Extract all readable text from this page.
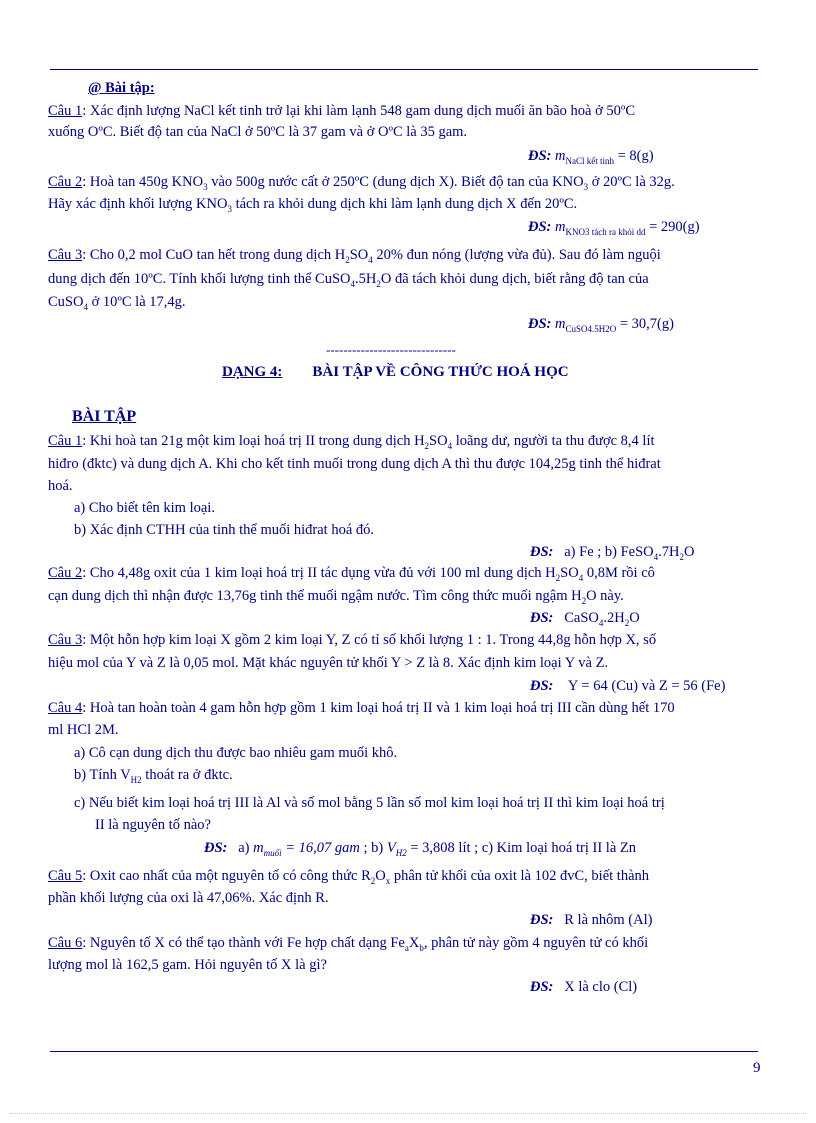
@ Bài tập:
Câu 1: Xác định lượng NaCl kết tinh trở lại khi làm lạnh 548 gam dung dịch muối ăn bão hoà ở 50ºC
xuống OºC. Biết độ tan của NaCl ở 50ºC là 37 gam và ở OºC là 35 gam.
ĐS: $m_{NaCl kết tinh} = 8(g)$
Câu 2: Hoà tan 450g $KNO_3$ vào 500g nước cất ở 250ºC (dung dịch X). Biết độ tan của $KNO_3$ ở 20ºC là 32g.
Hãy xác định khối lượng $KNO_3$ tách ra khỏi dung dịch khi làm lạnh dung dịch X đến 20ºC.
ĐS: $m_{KNO3 tách ra khỏi dd} = 290(g)$
Câu 3: Cho 0,2 mol CuO tan hết trong dung dịch $H_2SO_4$ 20% đun nóng (lượng vừa đủ). Sau đó làm nguội
dung dịch đến 10ºC. Tính khối lượng tinh thể $CuSO_4.5H_2O$ đã tách khỏi dung dịch, biết rằng độ tan của
CuSO$_4$ ở 10ºC là 17,4g.
ĐS: $m_{CuSO4.5H2O} = 30,7(g)$
------------------------------
DẠNG 4: BÀI TẬP VỀ CÔNG THỨC HOÁ HỌC
BÀI TẬP
Câu 1: Khi hoà tan 21g một kim loại hoá trị II trong dung dịch $H_2SO_4$ loãng dư, người ta thu được 8,4 lít
hiđro (đktc) và dung dịch A. Khi cho kết tinh muối trong dung dịch A thì thu được 104,25g tinh thể hiđrat
hoá.
a) Cho biết tên kim loại.
b) Xác định CTHH của tinh thể muối hiđrat hoá đó.
ĐS: a) Fe ; b) $FeSO_4.7H_2O$
Câu 2: Cho 4,48g oxit của 1 kim loại hoá trị II tác dụng vừa đủ với 100 ml dung dịch $H_2SO_4$ 0,8M rồi cô
cạn dung dịch thì nhận được 13,76g tinh thể muối ngậm nước. Tìm công thức muối ngậm $H_2O$ này.
ĐS: $CaSO_4.2H_2O$
Câu 3: Một hỗn hợp kim loại X gồm 2 kim loại Y, Z có tỉ số khối lượng 1 : 1. Trong 44,8g hỗn hợp X, số
hiệu mol của Y và Z là 0,05 mol. Mặt khác nguyên tử khối Y > Z là 8. Xác định kim loại Y và Z.
ĐS: Y = 64 (Cu) và Z = 56 (Fe)
Câu 4: Hoà tan hoàn toàn 4 gam hỗn hợp gồm 1 kim loại hoá trị II và 1 kim loại hoá trị III cần dùng hết 170
ml HCl 2M.
a) Cô cạn dung dịch thu được bao nhiêu gam muối khô.
b) Tính $V_{H2}$ thoát ra ở đktc.
c) Nếu biết kim loại hoá trị III là Al và số mol bằng 5 lần số mol kim loại hoá trị II thì kim loại hoá trị
II là nguyên tố nào?
ĐS: a) $m_{muối} = 16,07$ gam ; b) $V_{H2} = 3,808$ lít ; c) Kim loại hoá trị II là Zn
Câu 5: Oxit cao nhất của một nguyên tố có công thức $R_2O_x$ phân tử khối của oxit là 102 đvC, biết thành
phần khối lượng của oxi là 47,06%. Xác định R.
ĐS: R là nhôm (Al)
Câu 6: Nguyên tố X có thể tạo thành với Fe hợp chất dạng $Fe_aX_b$, phân tử này gồm 4 nguyên tử có khối
lượng mol là 162,5 gam. Hỏi nguyên tố X là gì?
ĐS: X là clo (Cl)
9
